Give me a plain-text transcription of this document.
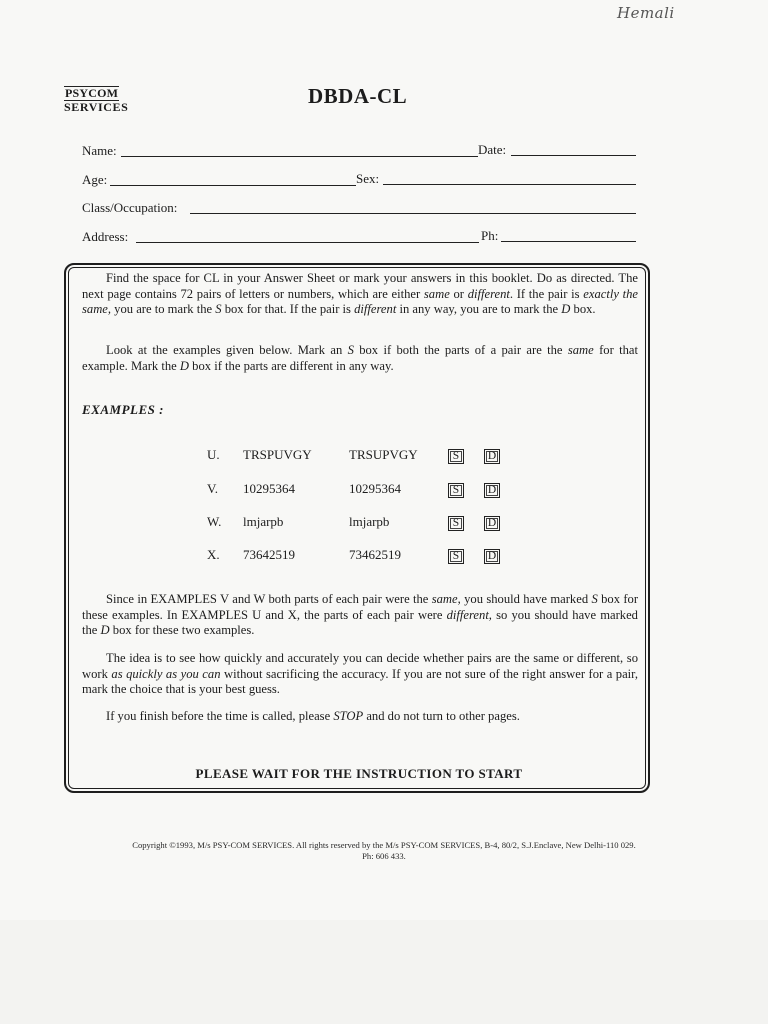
Hemali
PSYCOM
SERVICES	DBDA-CL
Name:	Date:
Age:	Sex:
Class/Occupation:
Address:	Ph:
Find the space for CL in your Answer Sheet or mark your answers in this booklet. Do as directed. The next page contains 72 pairs of letters or numbers, which are either same or different. If the pair is exactly the same, you are to mark the S box for that. If the pair is different in any way, you are to mark the D box.
Look at the examples given below. Mark an S box if both the parts of a pair are the same for that example. Mark the D box if the parts are different in any way.
EXAMPLES :
U. TRSPUVGY	TRSUPVGY	S	D
V. 10295364	10295364	S	D
W. lmjarpb	lmjarpb	S	D
X. 73642519	73462519	S	D
Since in EXAMPLES V and W both parts of each pair were the same, you should have marked S box for these examples. In EXAMPLES U and X, the parts of each pair were different, so you should have marked the D box for these two examples.
The idea is to see how quickly and accurately you can decide whether pairs are the same or different, so work as quickly as you can without sacrificing the accuracy. If you are not sure of the right answer for a pair, mark the choice that is your best guess.
If you finish before the time is called, please STOP and do not turn to other pages.
PLEASE WAIT FOR THE INSTRUCTION TO START
Copyright ©1993, M/s PSY-COM SERVICES. All rights reserved by the M/s PSY-COM SERVICES, B-4, 80/2, S.J.Enclave, New Delhi-110 029.
Ph: 606 433.
